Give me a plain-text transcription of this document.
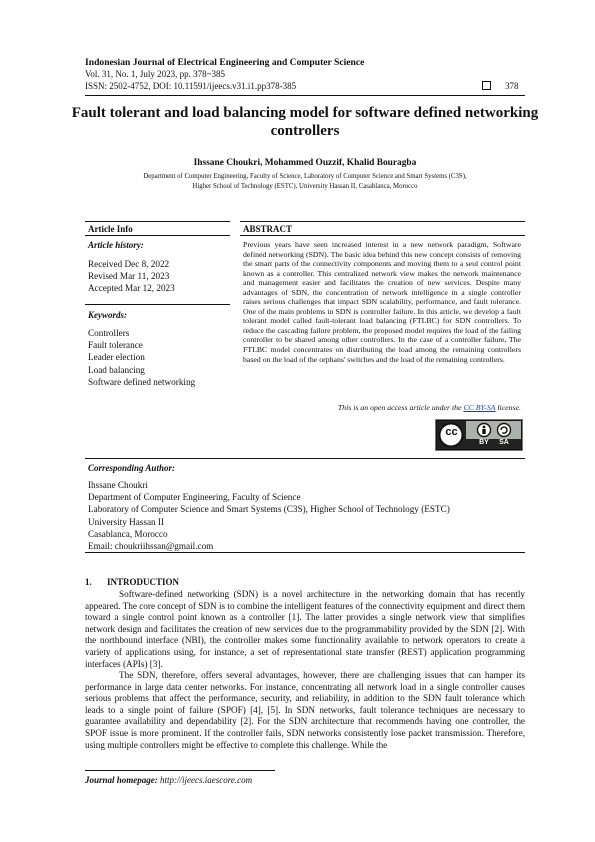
Indonesian Journal of Electrical Engineering and Computer Science
Vol. 31, No. 1, July 2023, pp. 378~385
ISSN: 2502-4752, DOI: 10.11591/ijeecs.v31.i1.pp378-385	378
Fault tolerant and load balancing model for software defined networking controllers
Ihssane Choukri, Mohammed Ouzzif, Khalid Bouragba
Department of Computer Engineering, Faculty of Science, Laboratory of Computer Science and Smart Systems (C3S),
Higher School of Technology (ESTC), University Hassan II, Casablanca, Morocco
Article Info
Article history:
Received Dec 8, 2022
Revised Mar 11, 2023
Accepted Mar 12, 2023
Keywords:
Controllers
Fault tolerance
Leader election
Load balancing
Software defined networking
ABSTRACT
Previous years have seen increased interest in a new network paradigm, Software defined networking (SDN). The basic idea behind this new concept consists of removing the smart parts of the connectivity components and moving them to a seul control point known as a controller. This centralized network view makes the network maintenance and management easier and facilitates the creation of new services. Despite many advantages of SDN, the concentration of network intelligence in a single controller raises serious challenges that impact SDN scalability, performance, and fault tolerance. One of the main problems in SDN is controller failure. In this article, we develop a fault tolerant model called fault-tolerant load balancing (FTLBC) for SDN controllers. To reduce the cascading failure problem, the proposed model requires the load of the failing controller to be shared among other controllers. In the case of a controller failure, The FTLBC model concentrates on distributing the load among the remaining controllers based on the load of the orphans' switches and the load of the remaining controllers.
This is an open access article under the CC BY-SA license.
cc
BY	SA
Corresponding Author:
Ihssane Choukri
Department of Computer Engineering, Faculty of Science
Laboratory of Computer Science and Smart Systems (C3S), Higher School of Technology (ESTC)
University Hassan II
Casablanca, Morocco
Email: choukriihssan@gmail.com
1. INTRODUCTION
Software-defined networking (SDN) is a novel architecture in the networking domain that has recently appeared. The core concept of SDN is to combine the intelligent features of the connectivity equipment and direct them toward a single control point known as a controller [1]. The latter provides a single network view that simplifies network design and facilitates the creation of new services due to the programmability provided by the SDN [2]. With the northbound interface (NBI), the controller makes some functionality available to network operators to create a variety of applications using, for instance, a set of representational state transfer (REST) application programming interfaces (APIs) [3].
The SDN, therefore, offers several advantages, however, there are challenging issues that can hamper its performance in large data center networks. For instance, concentrating all network load in a single controller causes serious problems that affect the performance, security, and reliability, in addition to the SDN fault tolerance which leads to a single point of failure (SPOF) [4], [5]. In SDN networks, fault tolerance techniques are necessary to guarantee availability and dependability [2]. For the SDN architecture that recommends having one controller, the SPOF issue is more prominent. If the controller fails, SDN networks consistently lose packet transmission. Therefore, using multiple controllers might be effective to complete this challenge. While the
Journal homepage: http://ijeecs.iaescore.com
